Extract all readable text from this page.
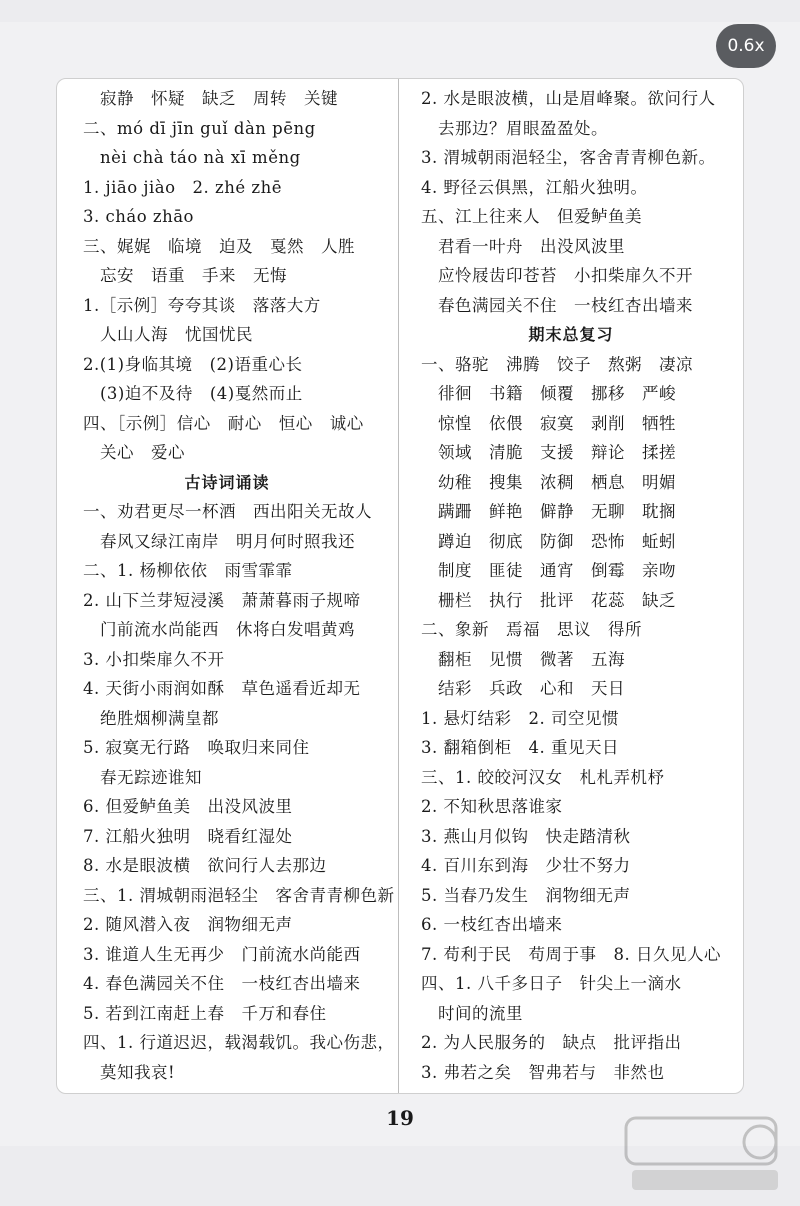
0.6x
　寂静　怀疑　缺乏　周转　关键
二、mó dī jīn guǐ dàn pēng
　nèi chà táo nà xī měng
1. jiāo jiào　2. zhé zhē
3. cháo zhāo
三、娓娓　临境　迫及　戛然　人胜
　忘安　语重　手来　无悔
1.［示例］夸夸其谈　落落大方
　人山人海　忧国忧民
2.(1)身临其境　(2)语重心长
　(3)迫不及待　(4)戛然而止
四、［示例］信心　耐心　恒心　诚心
　关心　爱心
古诗词诵读
一、劝君更尽一杯酒　西出阳关无故人
　春风又绿江南岸　明月何时照我还
二、1. 杨柳依依　雨雪霏霏
2. 山下兰芽短浸溪　萧萧暮雨子规啼
　门前流水尚能西　休将白发唱黄鸡
3. 小扣柴扉久不开
4. 天街小雨润如酥　草色遥看近却无
　绝胜烟柳满皇都
5. 寂寞无行路　唤取归来同住
　春无踪迹谁知
6. 但爱鲈鱼美　出没风波里
7. 江船火独明　晓看红湿处
8. 水是眼波横　欲问行人去那边
三、1. 渭城朝雨浥轻尘　客舍青青柳色新
2. 随风潜入夜　润物细无声
3. 谁道人生无再少　门前流水尚能西
4. 春色满园关不住　一枝红杏出墙来
5. 若到江南赶上春　千万和春住
四、1. 行道迟迟，载渴载饥。我心伤悲，
　莫知我哀!
2. 水是眼波横，山是眉峰聚。欲问行人
　去那边？眉眼盈盈处。
3. 渭城朝雨浥轻尘，客舍青青柳色新。
4. 野径云俱黑，江船火独明。
五、江上往来人　但爱鲈鱼美
　君看一叶舟　出没风波里
　应怜屐齿印苍苔　小扣柴扉久不开
　春色满园关不住　一枝红杏出墙来
期末总复习
一、骆驼　沸腾　饺子　熬粥　凄凉
　徘徊　书籍　倾覆　挪移　严峻
　惊惶　依偎　寂寞　剥削　牺牲
　领域　清脆　支援　辩论　揉搓
　幼稚　搜集　浓稠　栖息　明媚
　蹒跚　鲜艳　僻静　无聊　耽搁
　蹲迫　彻底　防御　恐怖　蚯蚓
　制度　匪徒　通宵　倒霉　亲吻
　栅栏　执行　批评　花蕊　缺乏
二、象新　焉福　思议　得所
　翻柜　见惯　微著　五海
　结彩　兵政　心和　天日
1. 悬灯结彩　2. 司空见惯
3. 翻箱倒柜　4. 重见天日
三、1. 皎皎河汉女　札札弄机杼
2. 不知秋思落谁家
3. 燕山月似钩　快走踏清秋
4. 百川东到海　少壮不努力
5. 当春乃发生　润物细无声
6. 一枝红杏出墙来
7. 苟利于民　苟周于事　8. 日久见人心
四、1. 八千多日子　针尖上一滴水
　时间的流里
2. 为人民服务的　缺点　批评指出
3. 弗若之矣　智弗若与　非然也
19
